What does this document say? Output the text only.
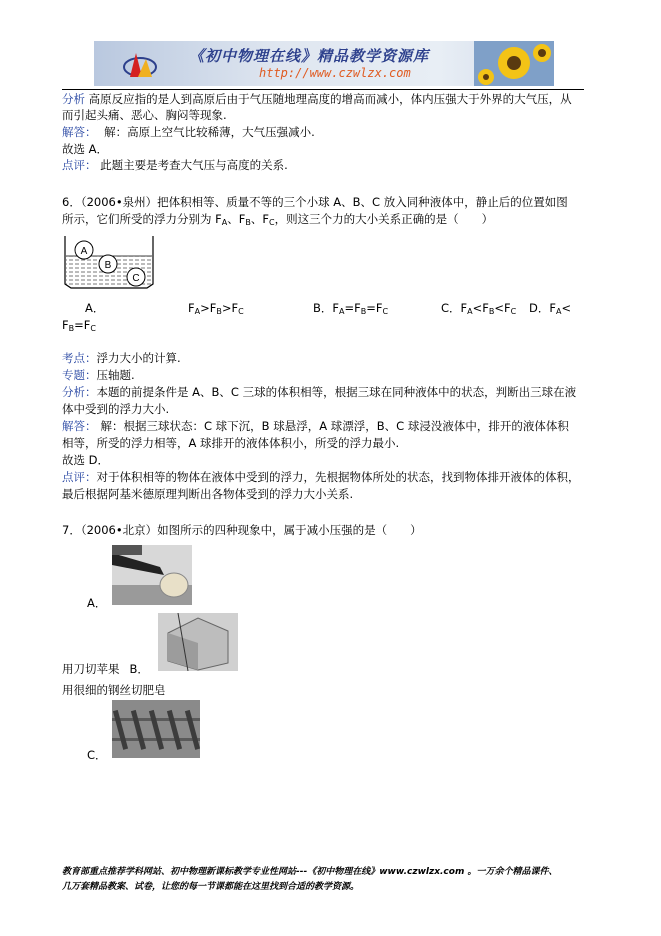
《初中物理在线》精品教学资源库
http://www.czwlzx.com
分析 高原反应指的是人到高原后由于气压随地理高度的增高而减小，体内压强大于外界的大气压，从
而引起头痛、恶心、胸闷等现象.
解答： 解：高原上空气比较稀薄，大气压强减小.
故选 A．
点评： 此题主要是考查大气压与高度的关系.
6．（2006•泉州）把体积相等、质量不等的三个小球 A、B、C 放入同种液体中，静止后的位置如图
所示，它们所受的浮力分别为 $F_A$、$F_B$、$F_C$，则这三个力的大小关系正确的是（　　）
A
B
C
A．	$F_A>F_B>F_C$	B．$F_A=F_B=F_C$	C．$F_A<F_B<F_C$ D．$F_A<$
$F_B=F_C$
考点：浮力大小的计算.
专题：压轴题.
分析：本题的前提条件是 A、B、C 三球的体积相等，根据三球在同种液体中的状态，判断出三球在液
体中受到的浮力大小.
解答： 解：根据三球状态：C 球下沉，B 球悬浮，A 球漂浮，B、C 球浸没液体中，排开的液体体积
相等，所受的浮力相等，A 球排开的液体体积小，所受的浮力最小.
故选 D．
点评：对于体积相等的物体在液体中受到的浮力，先根据物体所处的状态，找到物体排开液体的体积，
最后根据阿基米德原理判断出各物体受到的浮力大小关系.
7．（2006•北京）如图所示的四种现象中，属于减小压强的是（　　）
A．
用刀切苹果 B．
用很细的钢丝切肥皂
C．
教育部重点推荐学科网站、初中物理新课标教学专业性网站---《初中物理在线》www.czwlzx.com 。一万余个精品课件、
几万套精品教案、试卷，让您的每一节课都能在这里找到合适的教学资源。
